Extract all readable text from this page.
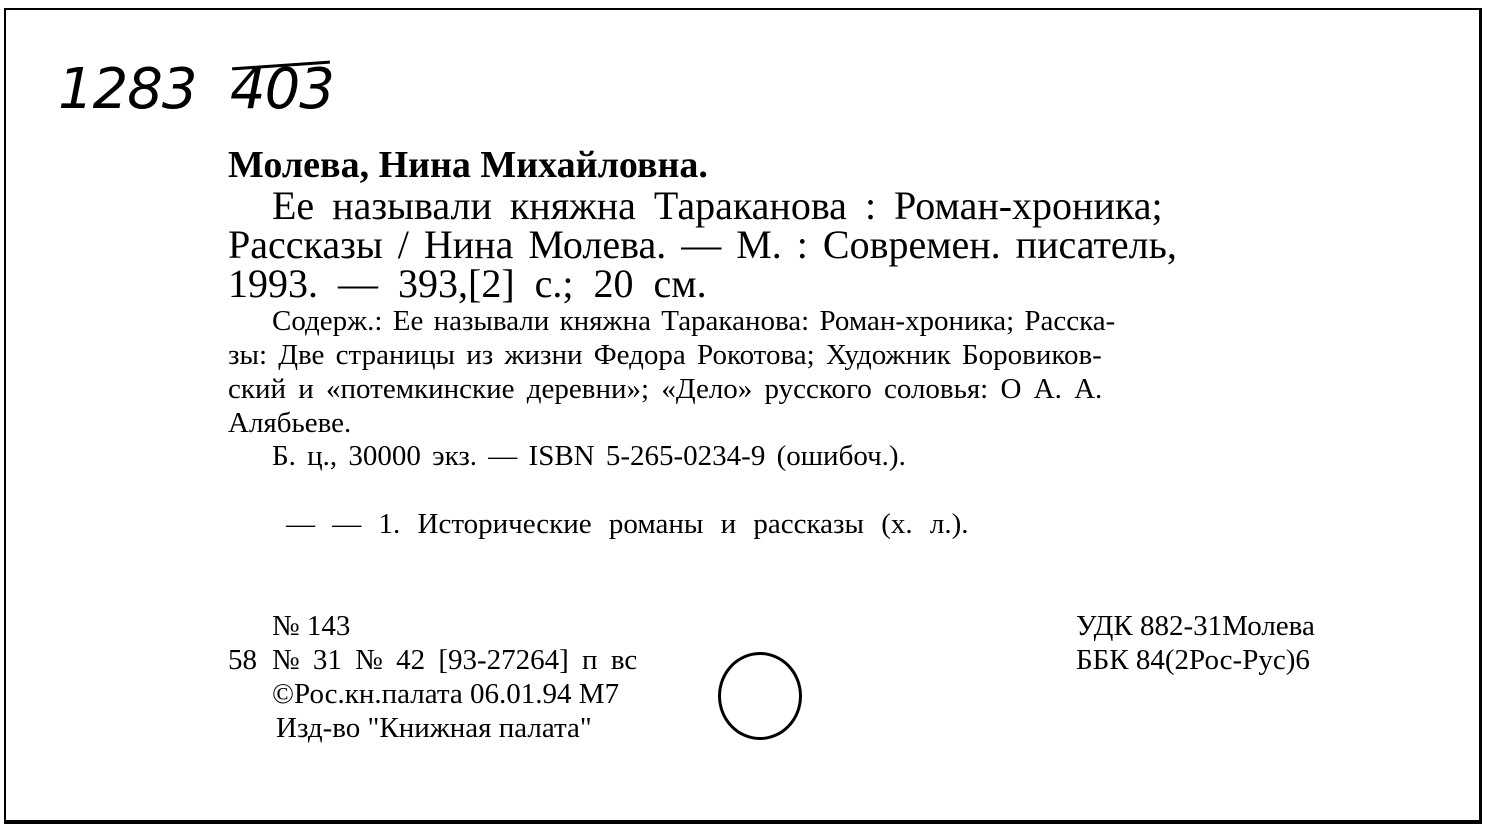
1283 403
Молева, Нина Михайловна.
Ее называли княжна Тараканова : Роман-хроника;
Рассказы / Нина Молева. — М. : Современ. писатель,
1993. — 393,[2] с.; 20 см.
Содерж.: Ее называли княжна Тараканова: Роман-хроника; Расска-
зы: Две страницы из жизни Федора Рокотова; Художник Боровиков-
ский и «потемкинские деревни»; «Дело» русского соловья: О А. А.
Алябьеве.
Б. ц., 30000 экз. — ISBN 5-265-0234-9 (ошибоч.).
— — 1. Исторические романы и рассказы (х. л.).
№ 143
58 № 31 № 42 [93-27264] п вс
©Рос.кн.палата 06.01.94 М7
Изд-во "Книжная палата"
УДК 882-31Молева
ББК 84(2Рос-Рус)6
